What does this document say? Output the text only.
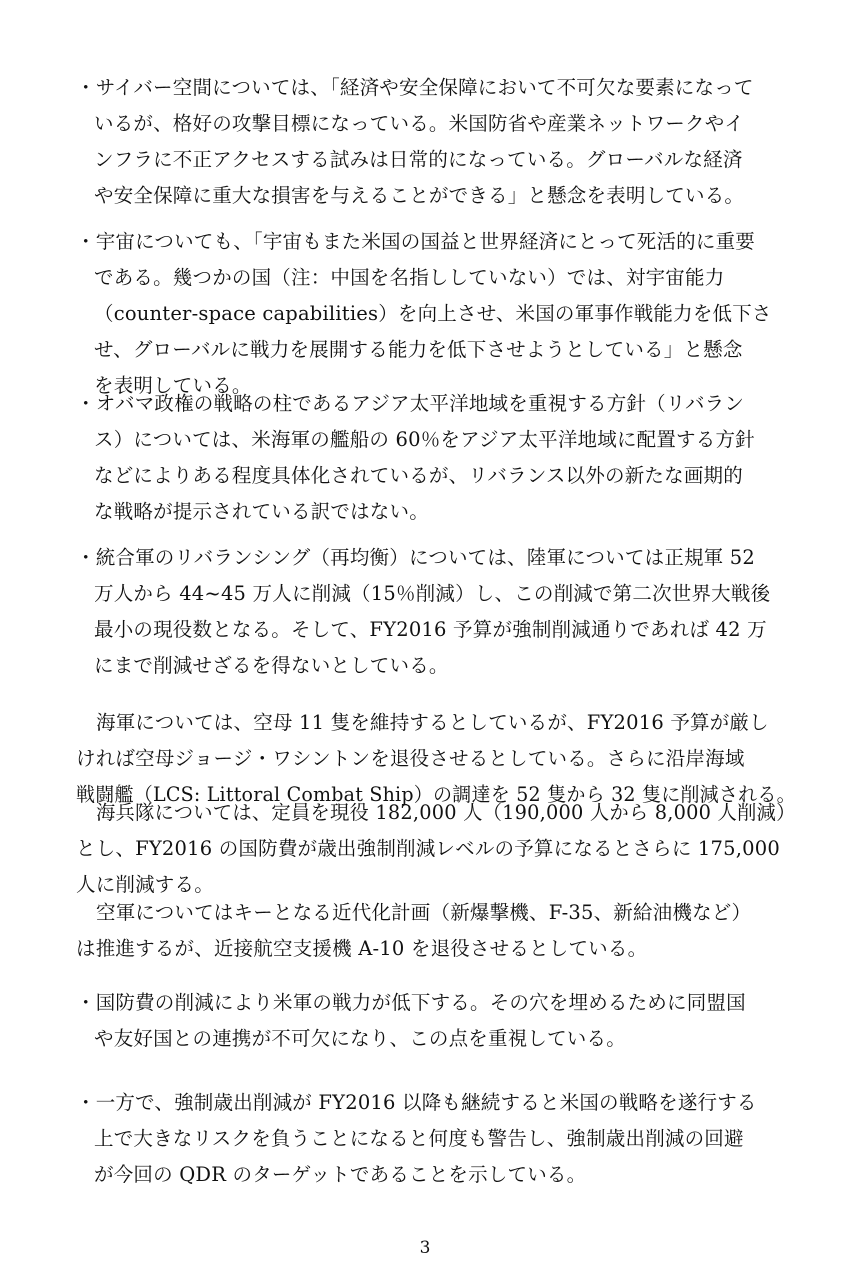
・サイバー空間については、「経済や安全保障において不可欠な要素になって
いるが、格好の攻撃目標になっている。米国防省や産業ネットワークやイ
ンフラに不正アクセスする試みは日常的になっている。グローバルな経済
や安全保障に重大な損害を与えることができる」と懸念を表明している。
・宇宙についても、「宇宙もまた米国の国益と世界経済にとって死活的に重要
である。幾つかの国（注：中国を名指ししていない）では、対宇宙能力
（counter-space capabilities）を向上させ、米国の軍事作戦能力を低下さ
せ、グローバルに戦力を展開する能力を低下させようとしている」と懸念
を表明している。
・オバマ政権の戦略の柱であるアジア太平洋地域を重視する方針（リバラン
ス）については、米海軍の艦船の 60％をアジア太平洋地域に配置する方針
などによりある程度具体化されているが、リバランス以外の新たな画期的
な戦略が提示されている訳ではない。
・統合軍のリバランシング（再均衡）については、陸軍については正規軍 52
万人から 44~45 万人に削減（15％削減）し、この削減で第二次世界大戦後
最小の現役数となる。そして、FY2016 予算が強制削減通りであれば 42 万
にまで削減せざるを得ないとしている。
海軍については、空母 11 隻を維持するとしているが、FY2016 予算が厳し
ければ空母ジョージ・ワシントンを退役させるとしている。さらに沿岸海域
戦闘艦（LCS: Littoral Combat Ship）の調達を 52 隻から 32 隻に削減される。
海兵隊については、定員を現役 182,000 人（190,000 人から 8,000 人削減）
とし、FY2016 の国防費が歳出強制削減レベルの予算になるとさらに 175,000
人に削減する。
空軍についてはキーとなる近代化計画（新爆撃機、F-35、新給油機など）
は推進するが、近接航空支援機 A-10 を退役させるとしている。
・国防費の削減により米軍の戦力が低下する。その穴を埋めるために同盟国
や友好国との連携が不可欠になり、この点を重視している。
・一方で、強制歳出削減が FY2016 以降も継続すると米国の戦略を遂行する
上で大きなリスクを負うことになると何度も警告し、強制歳出削減の回避
が今回の QDR のターゲットであることを示している。
3
